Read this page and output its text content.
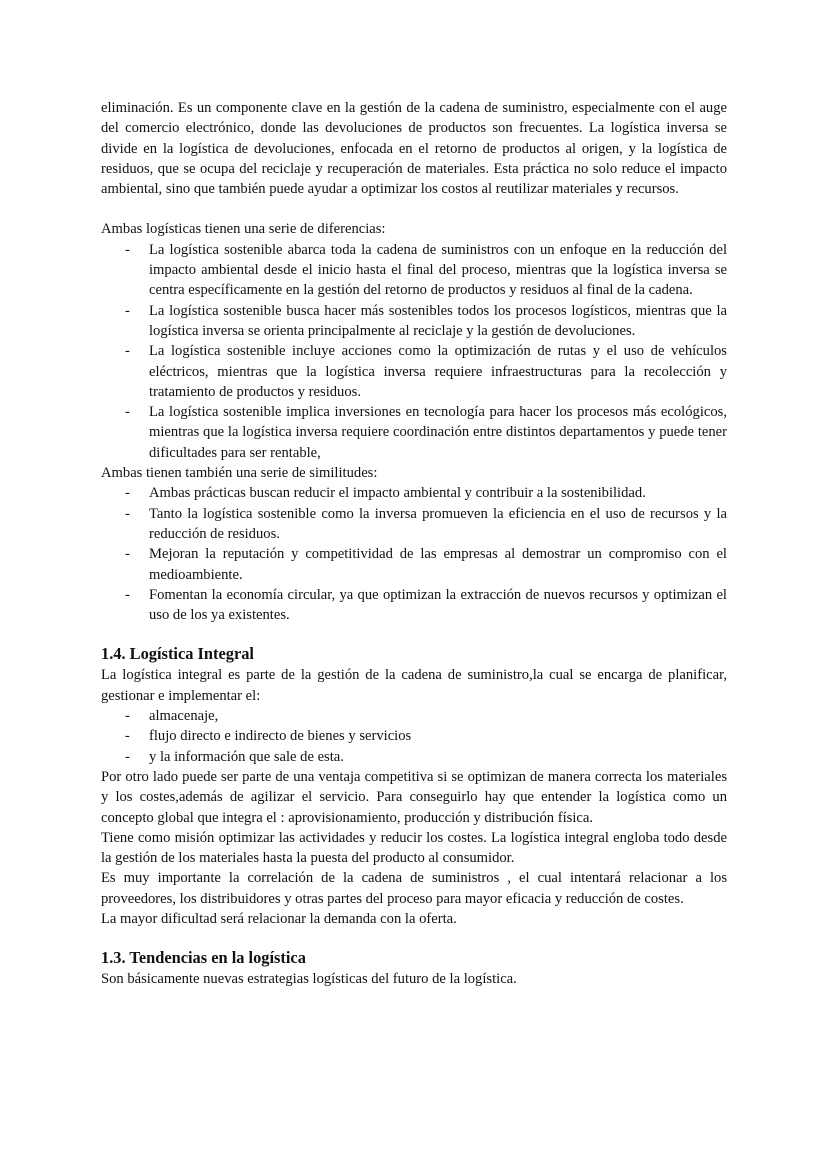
eliminación. Es un componente clave en la gestión de la cadena de suministro, especialmente con el auge del comercio electrónico, donde las devoluciones de productos son frecuentes. La logística inversa se divide en la logística de devoluciones, enfocada en el retorno de productos al origen, y la logística de residuos, que se ocupa del reciclaje y recuperación de materiales. Esta práctica no solo reduce el impacto ambiental, sino que también puede ayudar a optimizar los costos al reutilizar materiales y recursos.

Ambas logísticas tienen una serie de diferencias:

- La logística sostenible abarca toda la cadena de suministros con un enfoque en la reducción del impacto ambiental desde el inicio hasta el final del proceso, mientras que la logística inversa se centra específicamente en la gestión del retorno de productos y residuos al final de la cadena.
- La logística sostenible busca hacer más sostenibles todos los procesos logísticos, mientras que la logística inversa se orienta principalmente al reciclaje y la gestión de devoluciones.
- La logística sostenible incluye acciones como la optimización de rutas y el uso de vehículos eléctricos, mientras que la logística inversa requiere infraestructuras para la recolección y tratamiento de productos y residuos.
- La logística sostenible implica inversiones en tecnología para hacer los procesos más ecológicos, mientras que la logística inversa requiere coordinación entre distintos departamentos y puede tener dificultades para ser rentable,

Ambas tienen también una serie de similitudes:

- Ambas prácticas buscan reducir el impacto ambiental y contribuir a la sostenibilidad.
- Tanto la logística sostenible como la inversa promueven la eficiencia en el uso de recursos y la reducción de residuos.
- Mejoran la reputación y competitividad de las empresas al demostrar un compromiso con el medioambiente.
- Fomentan la economía circular, ya que optimizan la extracción de nuevos recursos y optimizan el uso de los ya existentes.
1.4. Logística Integral

La logística integral es parte de la gestión de la cadena de suministro,la cual se encarga de planificar, gestionar e implementar el:

- almacenaje,
- flujo directo e indirecto de bienes y servicios
- y la información que sale de esta.

Por otro lado puede ser parte de una ventaja competitiva si se optimizan de manera correcta los materiales y los costes,además de agilizar el servicio. Para conseguirlo hay que entender la logística como un concepto global que integra el : aprovisionamiento, producción y distribución física.

Tiene como misión optimizar las actividades y reducir los costes. La logística integral engloba todo desde la gestión de los materiales hasta la puesta del producto al consumidor.

Es muy importante la correlación de la cadena de suministros , el cual intentará relacionar a los proveedores, los distribuidores y otras partes del proceso para mayor eficacia y reducción de costes.

La mayor dificultad será relacionar la demanda con la oferta.

1.3. Tendencias en la logística

Son básicamente nuevas estrategias logísticas del futuro de la logística.
